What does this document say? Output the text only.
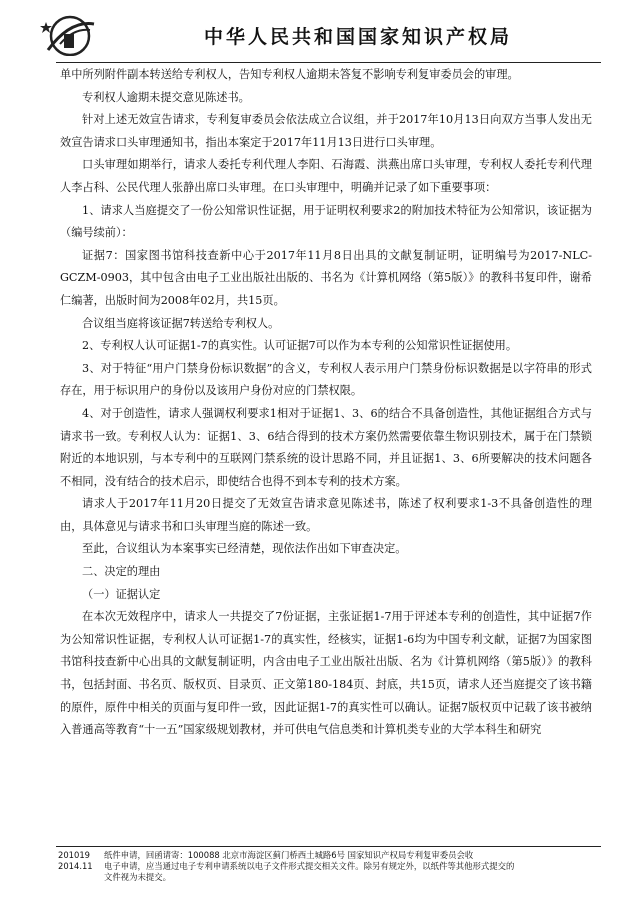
中华人民共和国国家知识产权局

单中所列附件副本转送给专利权人，告知专利权人逾期未答复不影响专利复审委员会的审理。

专利权人逾期未提交意见陈述书。

针对上述无效宣告请求，专利复审委员会依法成立合议组，并于2017年10月13日向双方当事人发出无效宣告请求口头审理通知书，指出本案定于2017年11月13日进行口头审理。

口头审理如期举行，请求人委托专利代理人李阳、石海霞、洪燕出席口头审理，专利权人委托专利代理人李占科、公民代理人张静出席口头审理。在口头审理中，明确并记录了如下重要事项：

1、请求人当庭提交了一份公知常识性证据，用于证明权利要求2的附加技术特征为公知常识，该证据为（编号续前）：

证据7：国家图书馆科技查新中心于2017年11月8日出具的文献复制证明，证明编号为2017-NLC-GCZM-0903，其中包含由电子工业出版社出版的、书名为《计算机网络（第5版）》的教科书复印件，谢希仁编著，出版时间为2008年02月，共15页。

合议组当庭将该证据7转送给专利权人。

2、专利权人认可证据1-7的真实性。认可证据7可以作为本专利的公知常识性证据使用。

3、对于特征“用户门禁身份标识数据”的含义，专利权人表示用户门禁身份标识数据是以字符串的形式存在，用于标识用户的身份以及该用户身份对应的门禁权限。

4、对于创造性，请求人强调权利要求1相对于证据1、3、6的结合不具备创造性，其他证据组合方式与请求书一致。专利权人认为：证据1、3、6结合得到的技术方案仍然需要依靠生物识别技术，属于在门禁锁附近的本地识别，与本专利中的互联网门禁系统的设计思路不同，并且证据1、3、6所要解决的技术问题各不相同，没有结合的技术启示，即使结合也得不到本专利的技术方案。

请求人于2017年11月20日提交了无效宣告请求意见陈述书，陈述了权利要求1-3不具备创造性的理由，具体意见与请求书和口头审理当庭的陈述一致。

至此，合议组认为本案事实已经清楚，现依法作出如下审查决定。

二、决定的理由

（一）证据认定

在本次无效程序中，请求人一共提交了7份证据，主张证据1-7用于评述本专利的创造性，其中证据7作为公知常识性证据，专利权人认可证据1-7的真实性，经核实，证据1-6均为中国专利文献，证据7为国家图书馆科技查新中心出具的文献复制证明，内含由电子工业出版社出版、名为《计算机网络（第5版）》的教科书，包括封面、书名页、版权页、目录页、正文第180-184页、封底，共15页，请求人还当庭提交了该书籍的原件，原件中相关的页面与复印件一致，因此证据1-7的真实性可以确认。证据7版权页中记载了该书被纳入普通高等教育“十一五”国家级规划教材，并可供电气信息类和计算机类专业的大学本科生和研究

201019	纸件申请，回函请寄：100088 北京市海淀区蓟门桥西土城路6号 国家知识产权局专利复审委员会收
2014.11	电子申请，应当通过电子专利申请系统以电子文件形式提交相关文件。除另有规定外，以纸件等其他形式提交的
文件视为未提交。
